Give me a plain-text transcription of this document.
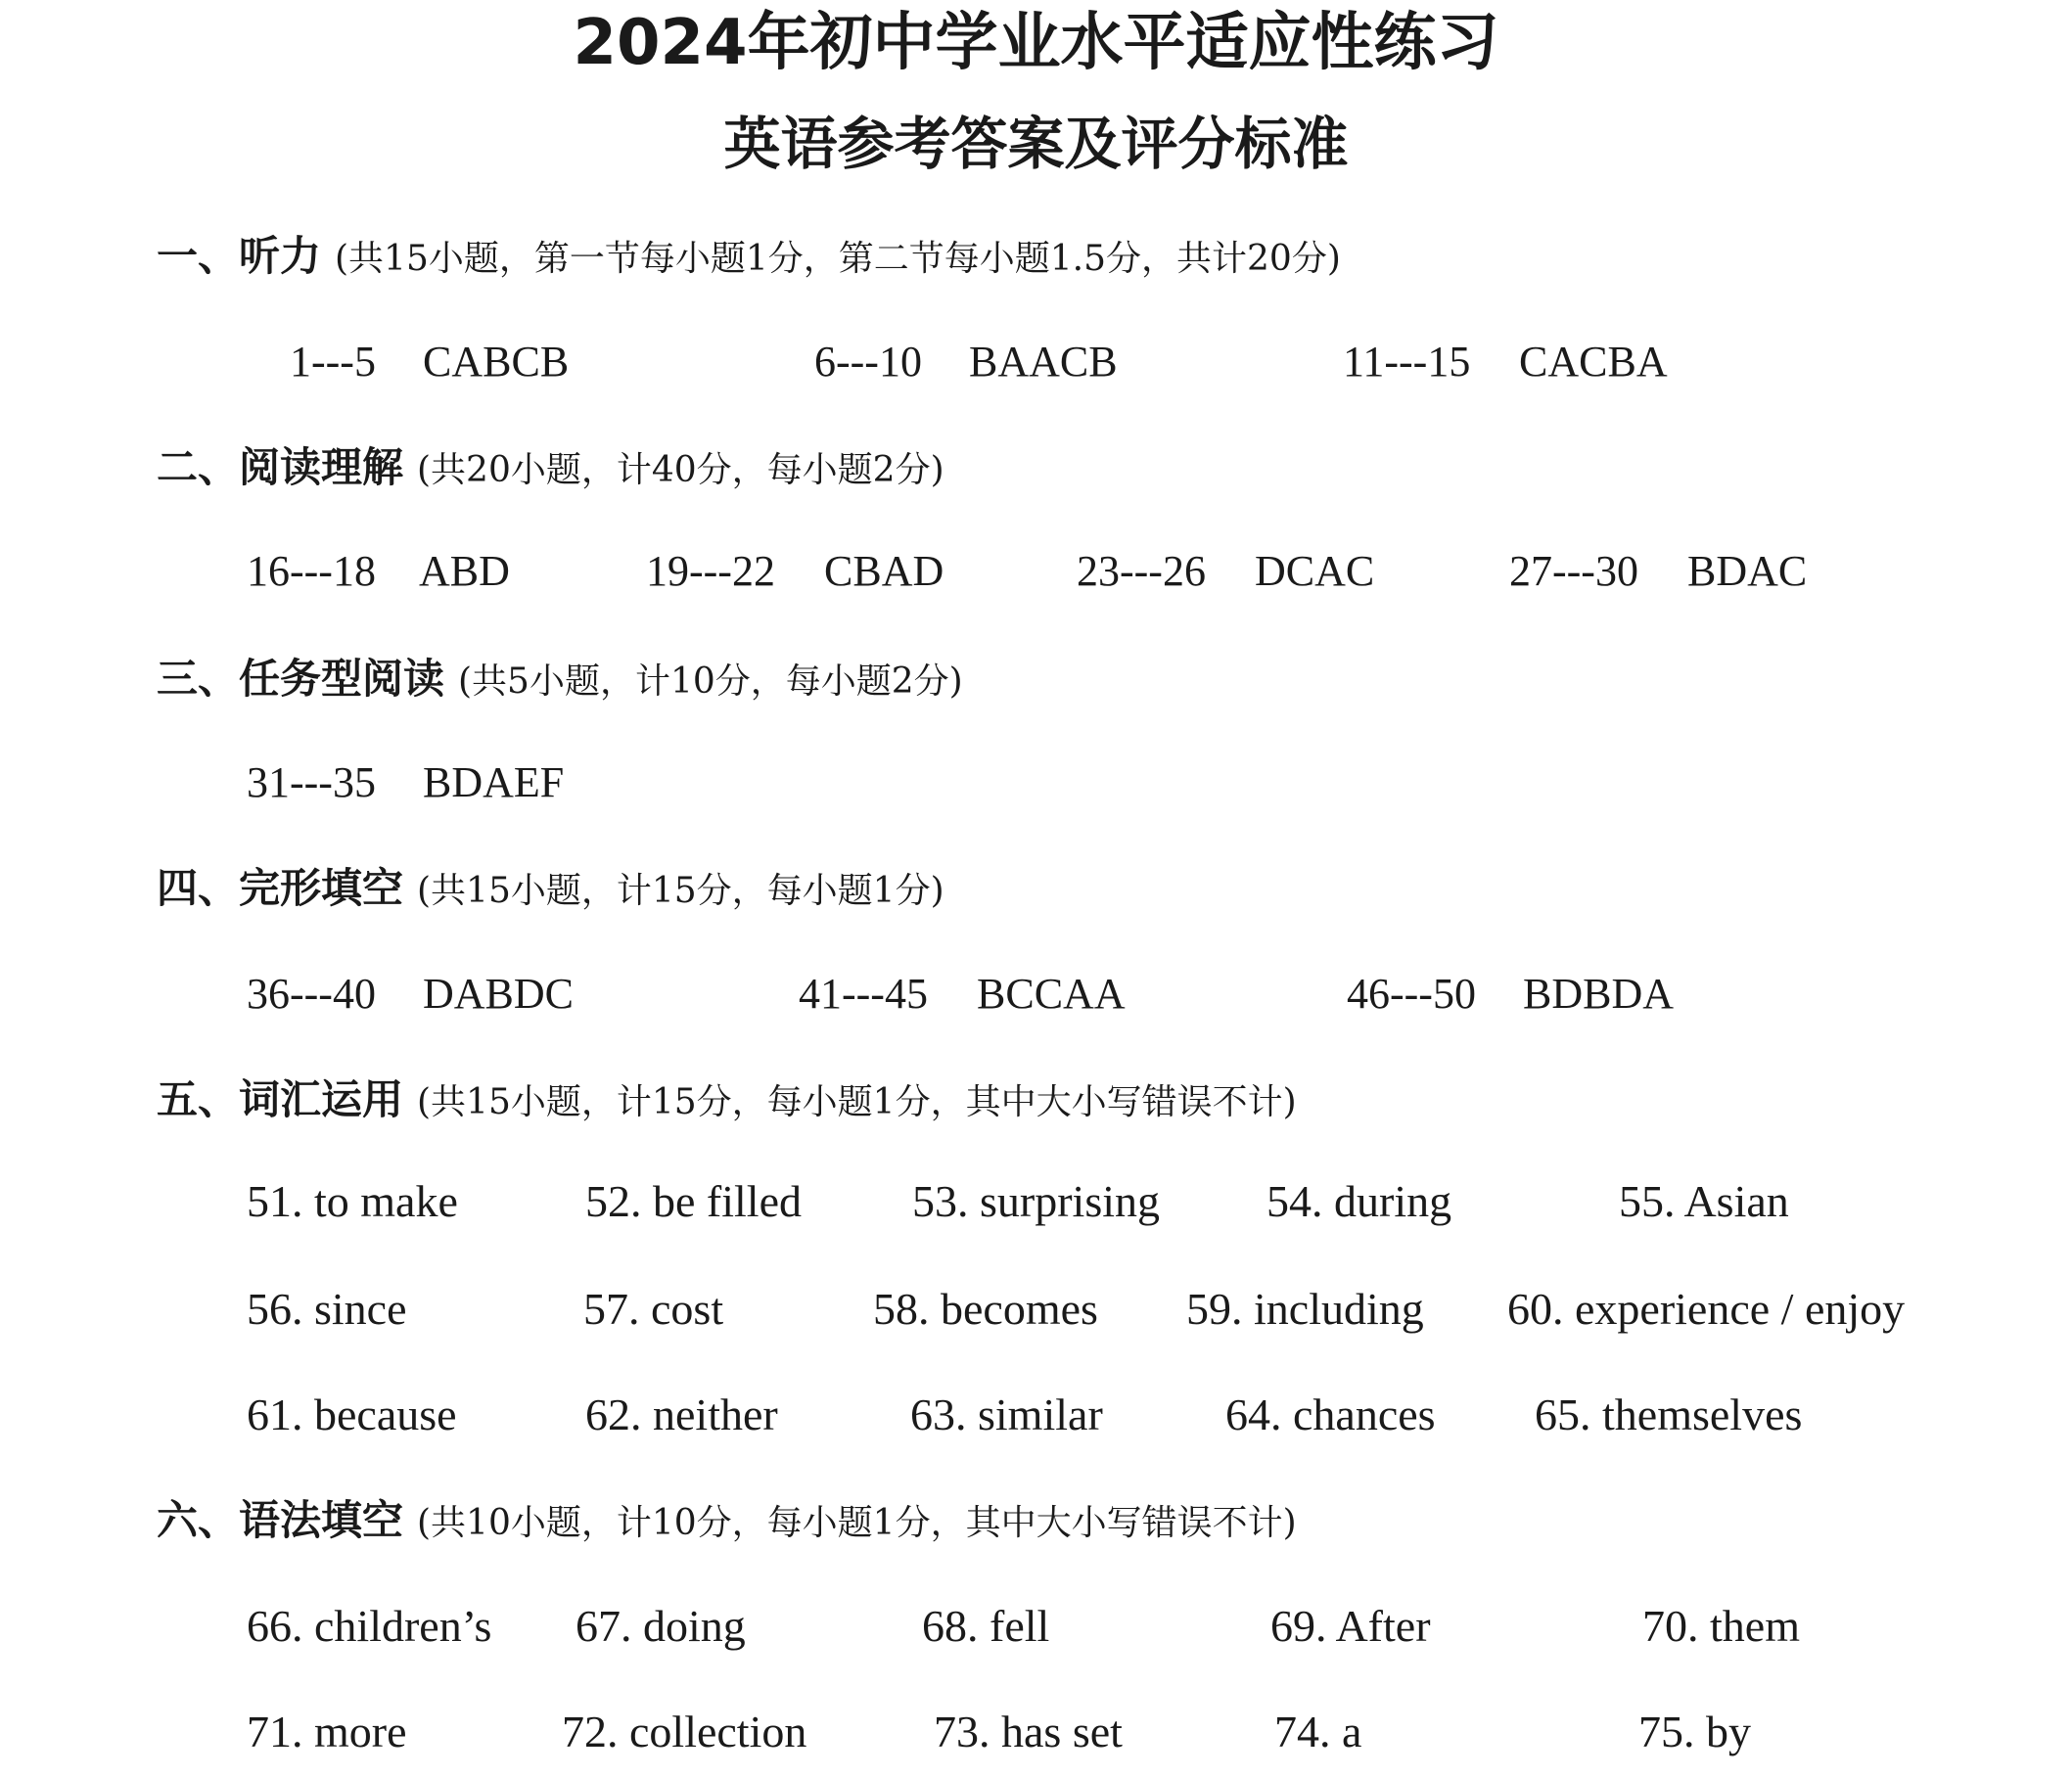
2024年初中学业水平适应性练习
英语参考答案及评分标准
一、听力 (共15小题，第一节每小题1分，第二节每小题1.5分，共计20分)
1---5 CABCB	6---10 BAACB	11---15 CACBA
二、阅读理解 (共20小题，计40分，每小题2分)
16---18 ABD	19---22 CBAD	23---26 DCAC	27---30 BDAC
三、任务型阅读 (共5小题，计10分，每小题2分)
31---35 BDAEF
四、完形填空 (共15小题，计15分，每小题1分)
36---40 DABDC	41---45 BCCAA	46---50 BDBDA
五、词汇运用 (共15小题，计15分，每小题1分，其中大小写错误不计)
51. to make	52. be filled 53. surprising 54. during	55. Asian
56. since	57. cost	58. becomes 59. including 60. experience / enjoy
61. because	62. neither	63. similar	64. chances 65. themselves
六、语法填空 (共10小题，计10分，每小题1分，其中大小写错误不计)
66. children’s 67. doing	68. fell	69. After	70. them
71. more	72. collection	73. has set	74. a	75. by
